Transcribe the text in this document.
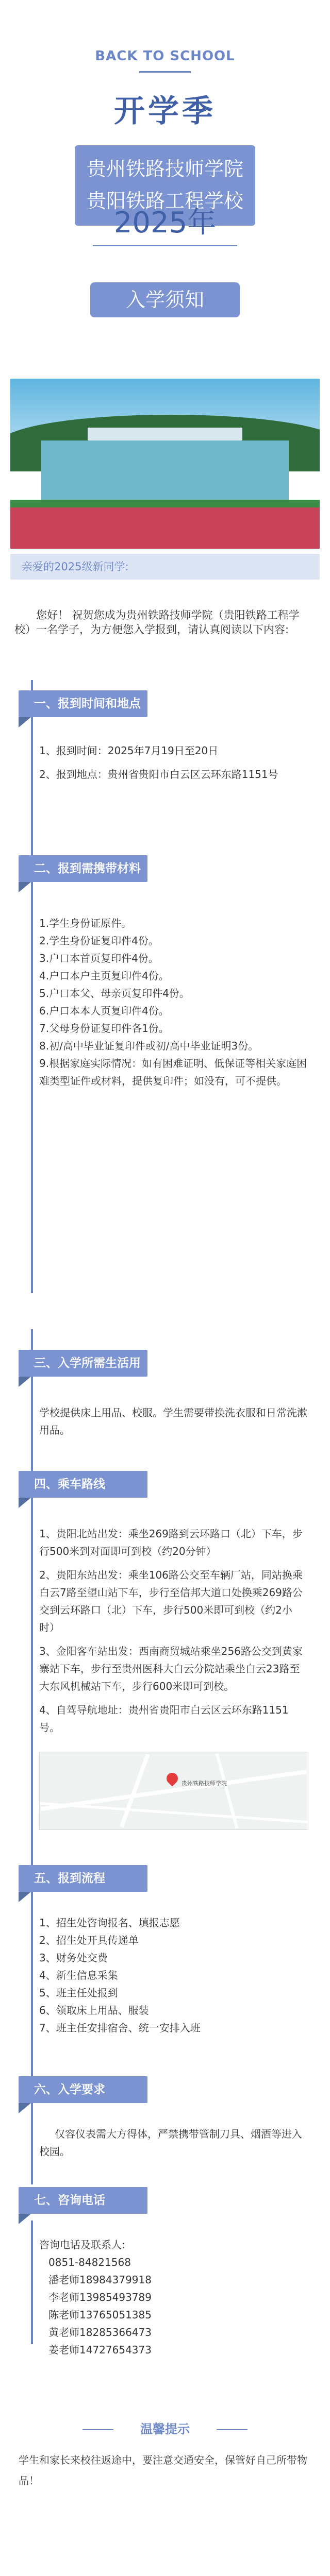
BACK TO SCHOOL
开学季
贵州铁路技师学院
贵阳铁路工程学校
2025年
入学须知
亲爱的2025级新同学:
您好！ 祝贺您成为贵州铁路技师学院（贵阳铁路工程学校）一名学子，为方便您入学报到，请认真阅读以下内容:
一、报到时间和地点

1、报到时间：2025年7月19日至20日

2、报到地点：贵州省贵阳市白云区云环东路1151号

二、报到需携带材料

1.学生身份证原件。

2.学生身份证复印件4份。

3.户口本首页复印件4份。

4.户口本户主页复印件4份。

5.户口本父、母亲页复印件4份。

6.户口本本人页复印件4份。

7.父母身份证复印件各1份。

8.初/高中毕业证复印件或初/高中毕业证明3份。

9.根据家庭实际情况：如有困难证明、低保证等相关家庭困难类型证件或材料，提供复印件；如没有，可不提供。

三、入学所需生活用品

学校提供床上用品、校服。学生需要带换洗衣服和日常洗漱用品。

四、乘车路线

1、贵阳北站出发：乘坐269路到云环路口（北）下车，步行500米到对面即可到校（约20分钟）

2、贵阳东站出发：乘坐106路公交至车辆厂站，同站换乘白云7路至望山站下车，步行至信邦大道口处换乘269路公交到云环路口（北）下车，步行500米即可到校（约2小时）

3、金阳客车站出发：西南商贸城站乘坐256路公交到黄家寨站下车，步行至贵州医科大白云分院站乘坐白云23路至大东风机械站下车，步行600米即可到校。

4、自驾导航地址：贵州省贵阳市白云区云环东路1151号。

贵州铁路技师学院
五、报到流程

1、招生处咨询报名、填报志愿

2、招生处开具传递单

3、财务处交费

4、新生信息采集

5、班主任处报到

6、领取床上用品、服装

7、班主任安排宿舍、统一安排入班

六、入学要求

仅容仪表需大方得体，严禁携带管制刀具、烟酒等进入校园。

七、咨询电话

咨询电话及联系人:

0851-84821568

潘老师18984379918

李老师13985493789

陈老师13765051385

黄老师18285366473

姜老师14727654373

温馨提示
学生和家长来校往返途中，要注意交通安全，保管好自己所带物品！
